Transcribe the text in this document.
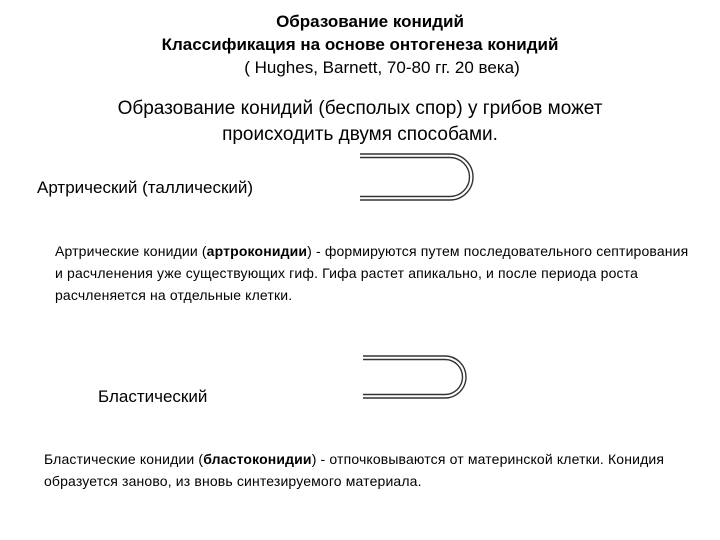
Образование конидий
Классификация на основе онтогенеза конидий
( Hughes, Barnett, 70-80 гг. 20 века)
Образование конидий (бесполых спор) у грибов может
происходить двумя способами.
Артрический (таллический)
Артрические конидии (артроконидии) - формируются путем последовательного септирования и расчленения уже существующих гиф. Гифа растет апикально, и после периода роста расчленяется на отдельные клетки.
Бластический
Бластические конидии (бластоконидии) - отпочковываются от материнской клетки. Конидия образуется заново, из вновь синтезируемого материала.
